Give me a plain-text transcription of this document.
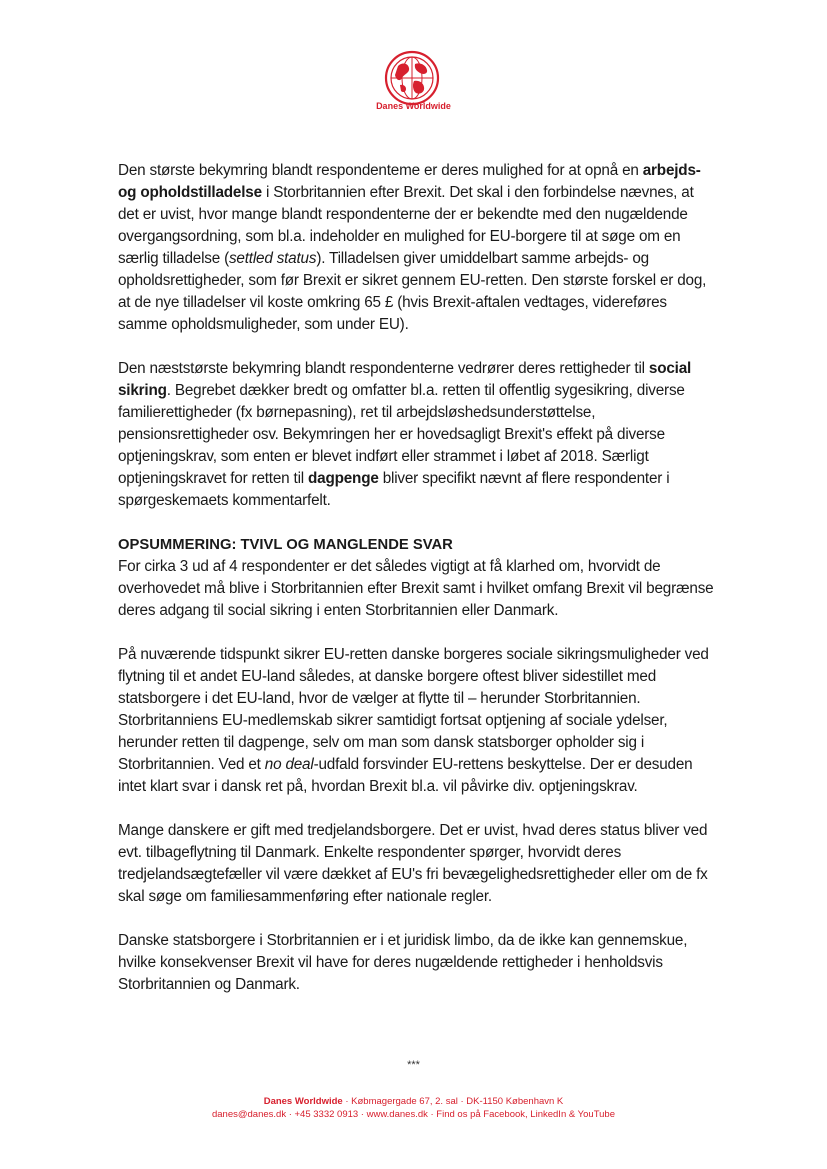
Danes Worldwide

Den største bekymring blandt respondenteme er deres mulighed for at opnå en arbejds- og opholdstilladelse i Storbritannien efter Brexit. Det skal i den forbindelse nævnes, at det er uvist, hvor mange blandt respondenterne der er bekendte med den nugældende overgangsordning, som bl.a. indeholder en mulighed for EU-borgere til at søge om en særlig tilladelse (settled status). Tilladelsen giver umiddelbart samme arbejds- og opholdsrettigheder, som før Brexit er sikret gennem EU-retten. Den største forskel er dog, at de nye tilladelser vil koste omkring 65 £ (hvis Brexit-aftalen vedtages, videreføres samme opholdsmuligheder, som under EU).

Den næststørste bekymring blandt respondenterne vedrører deres rettigheder til social sikring. Begrebet dækker bredt og omfatter bl.a. retten til offentlig sygesikring, diverse familierettigheder (fx børnepasning), ret til arbejdsløshedsunderstøttelse, pensionsrettigheder osv. Bekymringen her er hovedsagligt Brexit's effekt på diverse optjeningskrav, som enten er blevet indført eller strammet i løbet af 2018. Særligt optjeningskravet for retten til dagpenge bliver specifikt nævnt af flere respondenter i spørgeskemaets kommentarfelt.

OPSUMMERING: TVIVL OG MANGLENDE SVAR

For cirka 3 ud af 4 respondenter er det således vigtigt at få klarhed om, hvorvidt de overhovedet må blive i Storbritannien efter Brexit samt i hvilket omfang Brexit vil begrænse deres adgang til social sikring i enten Storbritannien eller Danmark.

På nuværende tidspunkt sikrer EU-retten danske borgeres sociale sikringsmuligheder ved flytning til et andet EU-land således, at danske borgere oftest bliver sidestillet med statsborgere i det EU-land, hvor de vælger at flytte til – herunder Storbritannien. Storbritanniens EU-medlemskab sikrer samtidigt fortsat optjening af sociale ydelser, herunder retten til dagpenge, selv om man som dansk statsborger opholder sig i Storbritannien. Ved et no deal-udfald forsvinder EU-rettens beskyttelse. Der er desuden intet klart svar i dansk ret på, hvordan Brexit bl.a. vil påvirke div. optjeningskrav.

Mange danskere er gift med tredjelandsborgere. Det er uvist, hvad deres status bliver ved evt. tilbageflytning til Danmark. Enkelte respondenter spørger, hvorvidt deres tredjelandsægtefæller vil være dækket af EU's fri bevægelighedsrettigheder eller om de fx skal søge om familiesammenføring efter nationale regler.

Danske statsborgere i Storbritannien er i et juridisk limbo, da de ikke kan gennemskue, hvilke konsekvenser Brexit vil have for deres nugældende rettigheder i henholdsvis Storbritannien og Danmark.

***
Danes Worldwide · Købmagergade 67, 2. sal · DK-1150 København K
danes@danes.dk · +45 3332 0913 · www.danes.dk · Find os på Facebook, LinkedIn & YouTube
